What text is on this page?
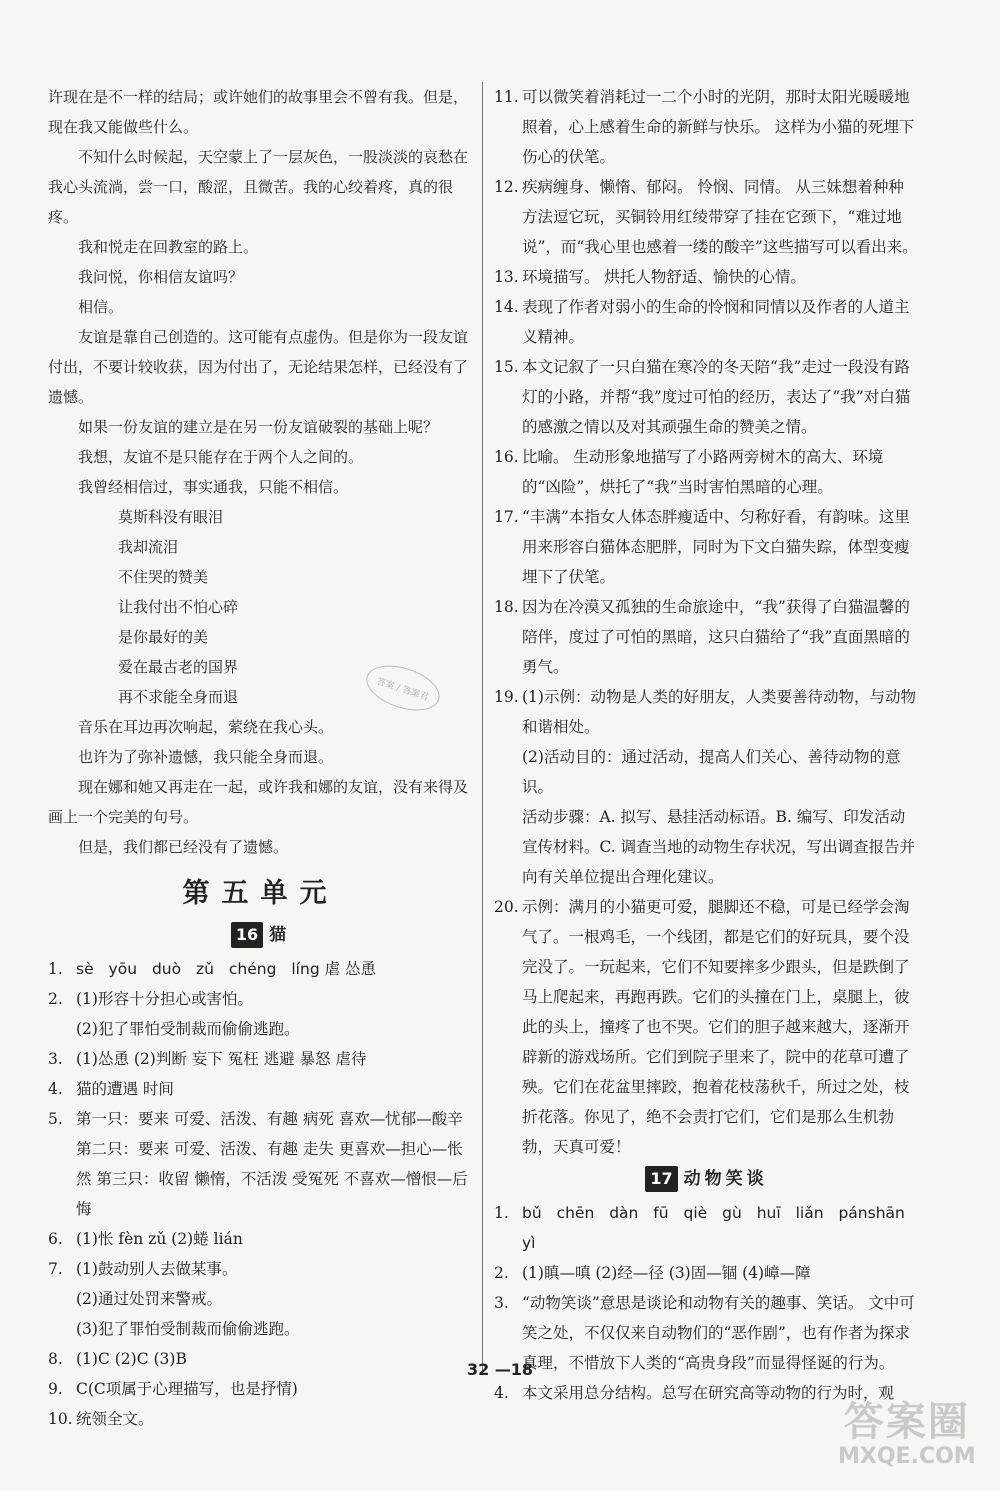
许现在是不一样的结局；或许她们的故事里会不曾有我。但是，现在我又能做些什么。

不知什么时候起，天空蒙上了一层灰色，一股淡淡的哀愁在我心头流淌，尝一口，酸涩，且微苦。我的心绞着疼，真的很疼。

我和悦走在回教室的路上。

我问悦，你相信友谊吗？

相信。

友谊是靠自己创造的。这可能有点虚伪。但是你为一段友谊付出，不要计较收获，因为付出了，无论结果怎样，已经没有了遗憾。

如果一份友谊的建立是在另一份友谊破裂的基础上呢？

我想，友谊不是只能存在于两个人之间的。

我曾经相信过，事实通我，只能不相信。

莫斯科没有眼泪
我却流泪
不住哭的赞美
让我付出不怕心碎
是你最好的美
爱在最古老的国界
再不求能全身而退

音乐在耳边再次响起，萦绕在我心头。

也许为了弥补遗憾，我只能全身而退。

现在娜和她又再走在一起，或许我和娜的友谊，没有来得及画上一个完美的句号。

但是，我们都已经没有了遗憾。

第五单元
16 猫
1. sè yōu duò zǔ chéng líng 虐 怂恿
2. (1)形容十分担心或害怕。
(2)犯了罪怕受制裁而偷偷逃跑。
3. (1)怂恿 (2)判断 妄下 冤枉 逃避 暴怒 虐待
4. 猫的遭遇 时间
5. 第一只：要来 可爱、活泼、有趣 病死 喜欢—忧郁—酸辛 第二只：要来 可爱、活泼、有趣 走失 更喜欢—担心—怅然 第三只：收留 懒惰，不活泼 受冤死 不喜欢—憎恨—后悔
6. (1)怅 fèn zǔ (2)蜷 lián
7. (1)鼓动别人去做某事。
(2)通过处罚来警戒。
(3)犯了罪怕受制裁而偷偷逃跑。
8. (1)C (2)C (3)B
9. C(C项属于心理描写，也是抒情)
10. 统领全文。
11. 可以微笑着消耗过一二个小时的光阴，那时太阳光暖暖地照着，心上感着生命的新鲜与快乐。 这样为小猫的死埋下伤心的伏笔。
12. 疾病缠身、懒惰、郁闷。 怜悯、同情。 从三妹想着种种方法逗它玩，买铜铃用红绫带穿了挂在它颈下，“难过地说”，而“我心里也感着一缕的酸辛”这些描写可以看出来。
13. 环境描写。 烘托人物舒适、愉快的心情。
14. 表现了作者对弱小的生命的怜悯和同情以及作者的人道主义精神。
15. 本文记叙了一只白猫在寒冷的冬天陪“我”走过一段没有路灯的小路，并帮“我”度过可怕的经历，表达了“我”对白猫的感激之情以及对其顽强生命的赞美之情。
16. 比喻。 生动形象地描写了小路两旁树木的高大、环境的“凶险”，烘托了“我”当时害怕黑暗的心理。
17. “丰满”本指女人体态胖瘦适中、匀称好看，有韵味。这里用来形容白猫体态肥胖，同时为下文白猫失踪，体型变瘦埋下了伏笔。
18. 因为在冷漠又孤独的生命旅途中，“我”获得了白猫温馨的陪伴，度过了可怕的黑暗，这只白猫给了“我”直面黑暗的勇气。
19. (1)示例：动物是人类的好朋友，人类要善待动物，与动物和谐相处。
(2)活动目的：通过活动，提高人们关心、善待动物的意识。
活动步骤：A. 拟写、悬挂活动标语。B. 编写、印发活动宣传材料。C. 调查当地的动物生存状况，写出调查报告并向有关单位提出合理化建议。
20. 示例：满月的小猫更可爱，腿脚还不稳，可是已经学会淘气了。一根鸡毛，一个线团，都是它们的好玩具，要个没完没了。一玩起来，它们不知要摔多少跟头，但是跌倒了马上爬起来，再跑再跌。它们的头撞在门上，桌腿上，彼此的头上，撞疼了也不哭。它们的胆子越来越大，逐渐开辟新的游戏场所。它们到院子里来了，院中的花草可遭了殃。它们在花盆里摔跤，抱着花枝荡秋千，所过之处，枝折花落。你见了，绝不会责打它们，它们是那么生机勃勃，天真可爱！
17 动物笑谈
1. bǔ chēn dàn fū qiè gù huī liǎn pánshān yì
2. (1)瞋—嗔 (2)经—径 (3)固—锢 (4)嶂—障
3. “动物笑谈”意思是谈论和动物有关的趣事、笑话。 文中可笑之处，不仅仅来自动物们的“恶作剧”，也有作者为探求真理，不惜放下人类的“高贵身段”而显得怪诞的行为。
4. 本文采用总分结构。总写在研究高等动物的行为时，观
答案 / 答案君
32 —18
答案圈
MXQE.COM
